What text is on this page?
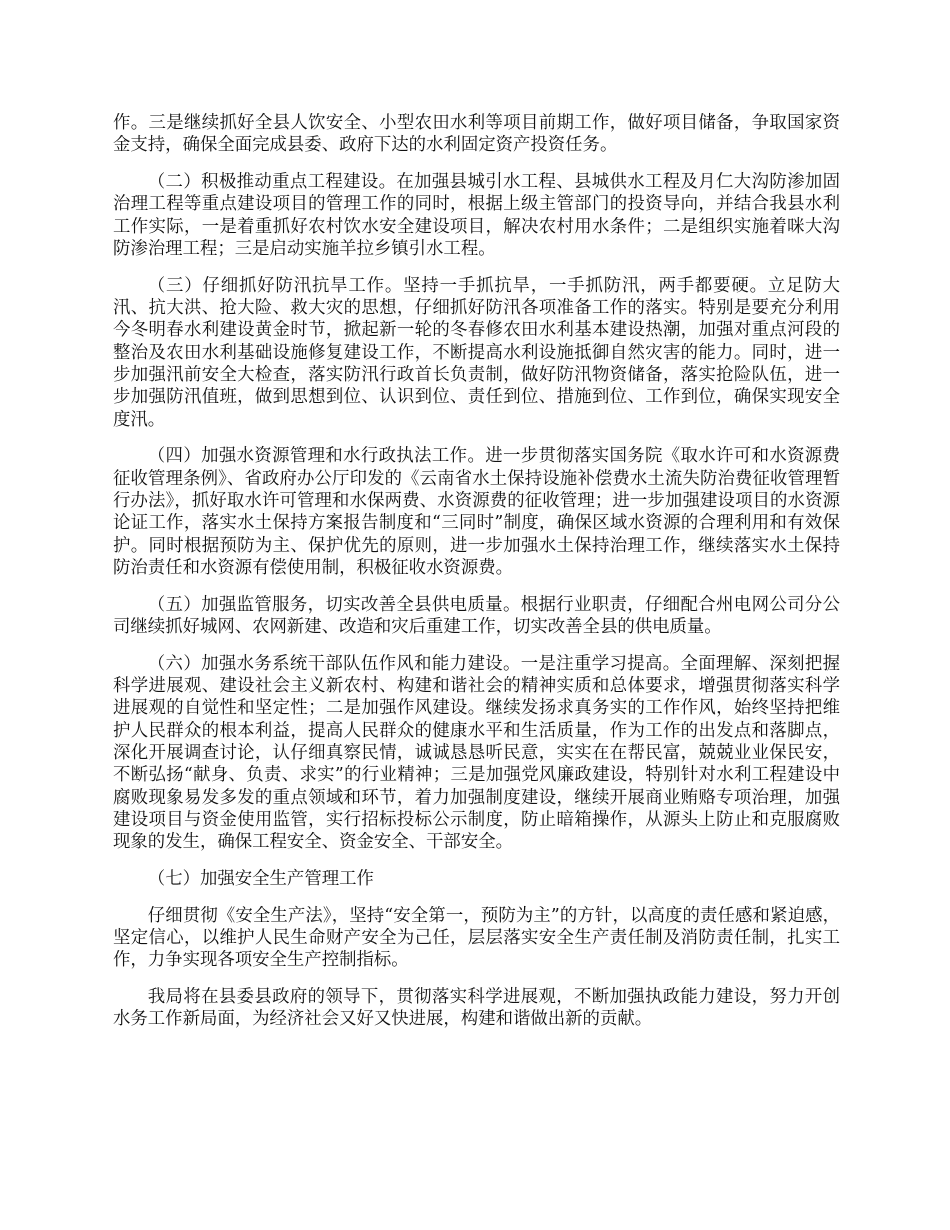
作。三是继续抓好全县人饮安全、小型农田水利等项目前期工作，做好项目储备，争取国家资金支持，确保全面完成县委、政府下达的水利固定资产投资任务。

（二）积极推动重点工程建设。在加强县城引水工程、县城供水工程及月仁大沟防渗加固治理工程等重点建设项目的管理工作的同时，根据上级主管部门的投资导向，并结合我县水利工作实际，一是着重抓好农村饮水安全建设项目，解决农村用水条件；二是组织实施着咪大沟防渗治理工程；三是启动实施羊拉乡镇引水工程。

（三）仔细抓好防汛抗旱工作。坚持一手抓抗旱，一手抓防汛，两手都要硬。立足防大汛、抗大洪、抢大险、救大灾的思想，仔细抓好防汛各项准备工作的落实。特别是要充分利用今冬明春水利建设黄金时节，掀起新一轮的冬春修农田水利基本建设热潮，加强对重点河段的整治及农田水利基础设施修复建设工作，不断提高水利设施抵御自然灾害的能力。同时，进一步加强汛前安全大检查，落实防汛行政首长负责制，做好防汛物资储备，落实抢险队伍，进一步加强防汛值班，做到思想到位、认识到位、责任到位、措施到位、工作到位，确保实现安全度汛。

（四）加强水资源管理和水行政执法工作。进一步贯彻落实国务院《取水许可和水资源费征收管理条例》、省政府办公厅印发的《云南省水土保持设施补偿费水土流失防治费征收管理暂行办法》，抓好取水许可管理和水保两费、水资源费的征收管理；进一步加强建设项目的水资源论证工作，落实水土保持方案报告制度和“三同时”制度，确保区域水资源的合理利用和有效保护。同时根据预防为主、保护优先的原则，进一步加强水土保持治理工作，继续落实水土保持防治责任和水资源有偿使用制，积极征收水资源费。

（五）加强监管服务，切实改善全县供电质量。根据行业职责，仔细配合州电网公司分公司继续抓好城网、农网新建、改造和灾后重建工作，切实改善全县的供电质量。

（六）加强水务系统干部队伍作风和能力建设。一是注重学习提高。全面理解、深刻把握科学进展观、建设社会主义新农村、构建和谐社会的精神实质和总体要求，增强贯彻落实科学进展观的自觉性和坚定性；二是加强作风建设。继续发扬求真务实的工作作风，始终坚持把维护人民群众的根本利益，提高人民群众的健康水平和生活质量，作为工作的出发点和落脚点，深化开展调查讨论，认仔细真察民情，诚诚恳恳听民意，实实在在帮民富，兢兢业业保民安，不断弘扬“献身、负责、求实”的行业精神；三是加强党风廉政建设，特别针对水利工程建设中腐败现象易发多发的重点领域和环节，着力加强制度建设，继续开展商业贿赂专项治理，加强建设项目与资金使用监管，实行招标投标公示制度，防止暗箱操作，从源头上防止和克服腐败现象的发生，确保工程安全、资金安全、干部安全。

（七）加强安全生产管理工作

仔细贯彻《安全生产法》，坚持“安全第一，预防为主”的方针，以高度的责任感和紧迫感，坚定信心，以维护人民生命财产安全为己任，层层落实安全生产责任制及消防责任制，扎实工作，力争实现各项安全生产控制指标。

我局将在县委县政府的领导下，贯彻落实科学进展观，不断加强执政能力建设，努力开创水务工作新局面，为经济社会又好又快进展，构建和谐做出新的贡献。
